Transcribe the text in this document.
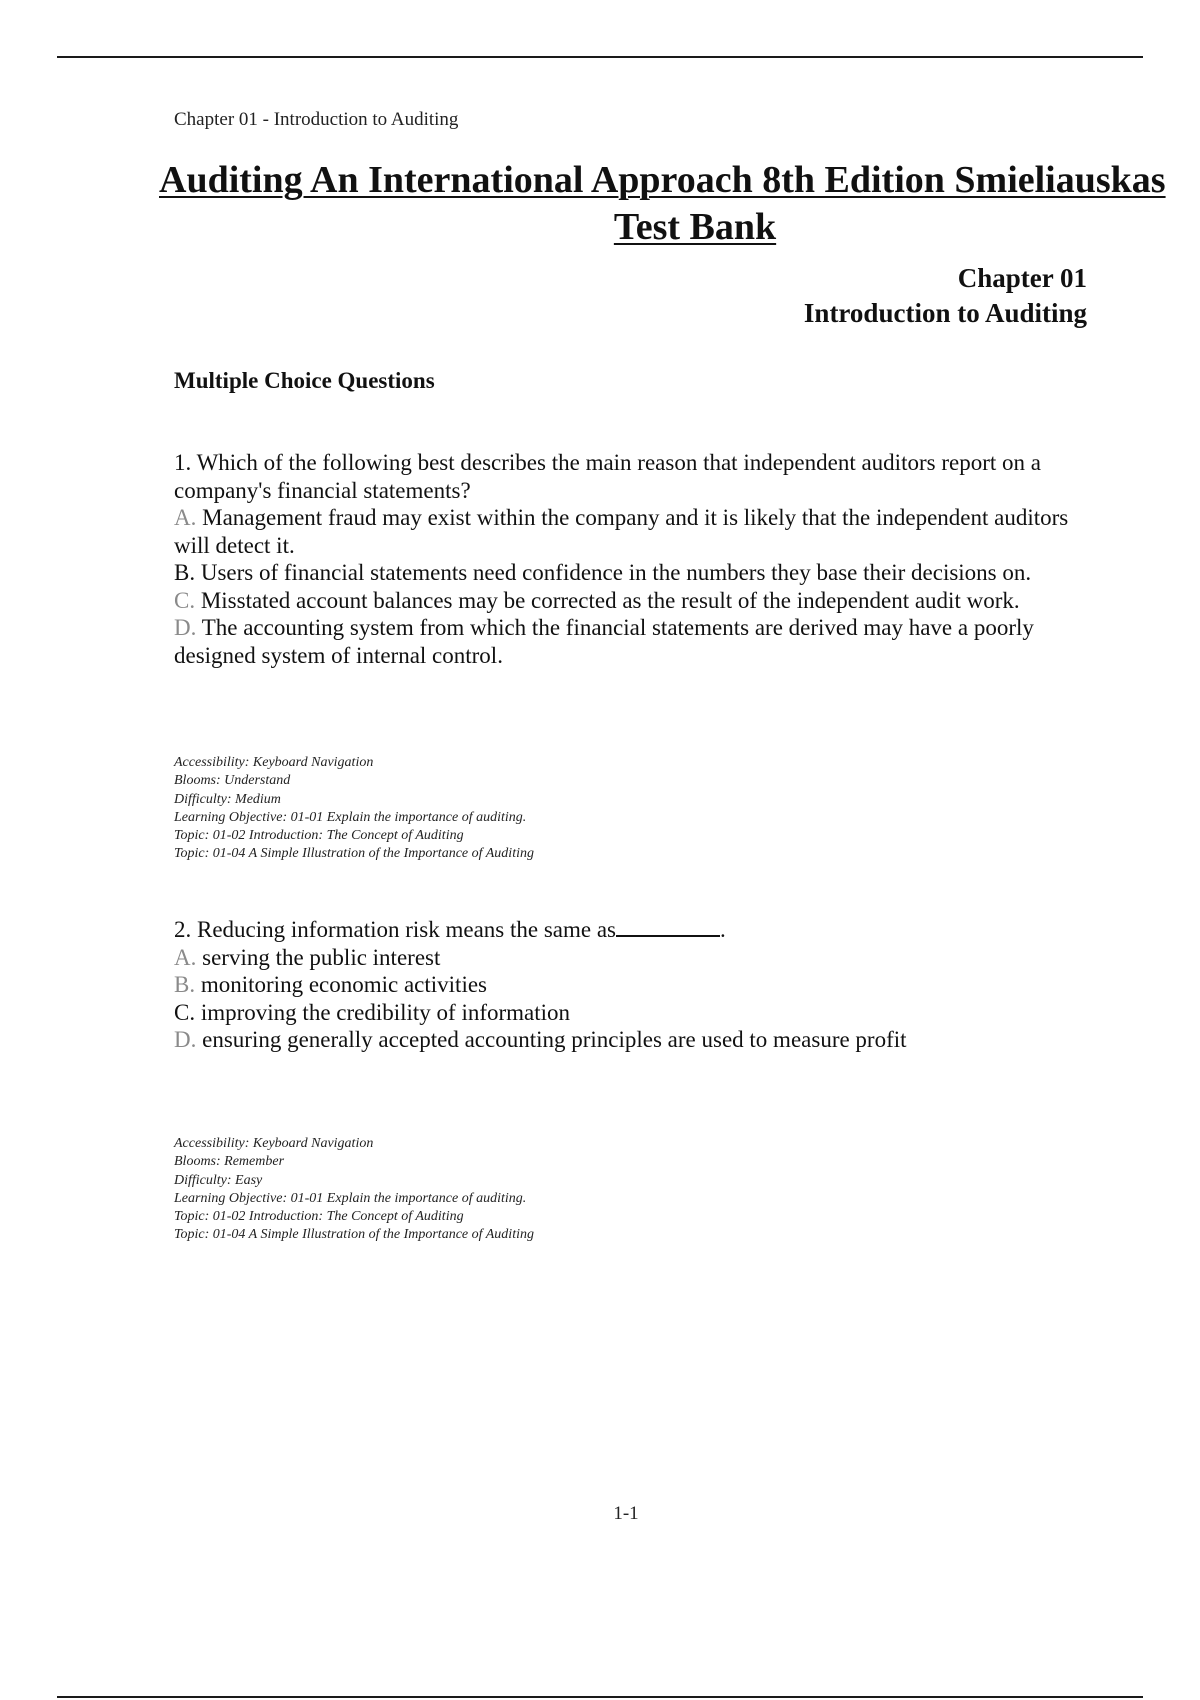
Chapter 01 - Introduction to Auditing
Auditing An International Approach 8th Edition Smieliauskas
Test Bank
Chapter 01
Introduction to Auditing
Multiple Choice Questions

1. Which of the following best describes the main reason that independent auditors report on a company's financial statements?

A. Management fraud may exist within the company and it is likely that the independent auditors will detect it.

B. Users of financial statements need confidence in the numbers they base their decisions on.

C. Misstated account balances may be corrected as the result of the independent audit work.

D. The accounting system from which the financial statements are derived may have a poorly designed system of internal control.

Accessibility: Keyboard Navigation
Blooms: Understand
Difficulty: Medium
Learning Objective: 01-01 Explain the importance of auditing.
Topic: 01-02 Introduction: The Concept of Auditing
Topic: 01-04 A Simple Illustration of the Importance of Auditing

2. Reducing information risk means the same as	.

A. serving the public interest

B. monitoring economic activities

C. improving the credibility of information

D. ensuring generally accepted accounting principles are used to measure profit

Accessibility: Keyboard Navigation
Blooms: Remember
Difficulty: Easy
Learning Objective: 01-01 Explain the importance of auditing.
Topic: 01-02 Introduction: The Concept of Auditing
Topic: 01-04 A Simple Illustration of the Importance of Auditing
1-1
